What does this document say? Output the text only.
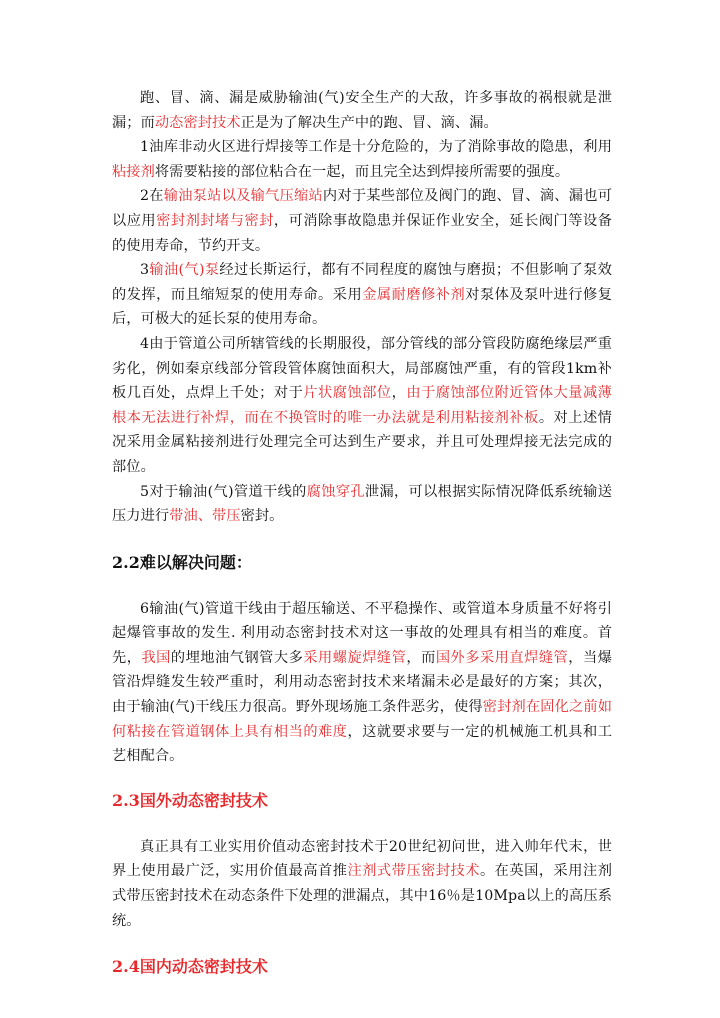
跑、冒、滴、漏是威胁输油(气)安全生产的大敌，许多事故的祸根就是泄漏；而动态密封技术正是为了解决生产中的跑、冒、滴、漏。

1油库非动火区进行焊接等工作是十分危险的，为了消除事故的隐患，利用粘接剂将需要粘接的部位粘合在一起，而且完全达到焊接所需要的强度。

2在输油泵站以及输气压缩站内对于某些部位及阀门的跑、冒、滴、漏也可以应用密封剂封堵与密封，可消除事故隐患并保证作业安全，延长阀门等设备的使用寿命，节约开支。

3输油(气)泵经过长斯运行，都有不同程度的腐蚀与磨损；不但影响了泵效的发挥，而且缩短泵的使用寿命。采用金属耐磨修补剂对泵体及泵叶进行修复后，可极大的延长泵的使用寿命。

4由于管道公司所辖管线的长期服役，部分管线的部分管段防腐绝缘层严重劣化，例如秦京线部分管段管体腐蚀面积大，局部腐蚀严重，有的管段1km补板几百处，点焊上千处；对于片状腐蚀部位，由于腐蚀部位附近管体大量减薄根本无法进行补焊，而在不换管时的唯一办法就是利用粘接剂补板。对上述情况采用金属粘接剂进行处理完全可达到生产要求，并且可处理焊接无法完成的部位。

5对于输油(气)管道干线的腐蚀穿孔泄漏，可以根据实际情况降低系统输送压力进行带油、带压密封。

2.2难以解决问题：

6输油(气)管道干线由于超压输送、不平稳操作、或管道本身质量不好将引起爆管事故的发生. 利用动态密封技术对这一事故的处理具有相当的难度。首先，我国的埋地油气钢管大多采用螺旋焊缝管，而国外多采用直焊缝管，当爆管沿焊缝发生较严重时，利用动态密封技术来堵漏未必是最好的方案；其次，由于输油(气)干线压力很高。野外现场施工条件恶劣，使得密封剂在固化之前如何粘接在管道钢体上具有相当的难度，这就要求要与一定的机械施工机具和工艺相配合。

2.3国外动态密封技术

真正具有工业实用价值动态密封技术于20世纪初问世，进入帅年代末，世界上使用最广泛，实用价值最高首推注剂式带压密封技术。在英国，采用注剂式带压密封技术在动态条件下处理的泄漏点，其中16％是10Mpa以上的高压系统。

2.4国内动态密封技术
